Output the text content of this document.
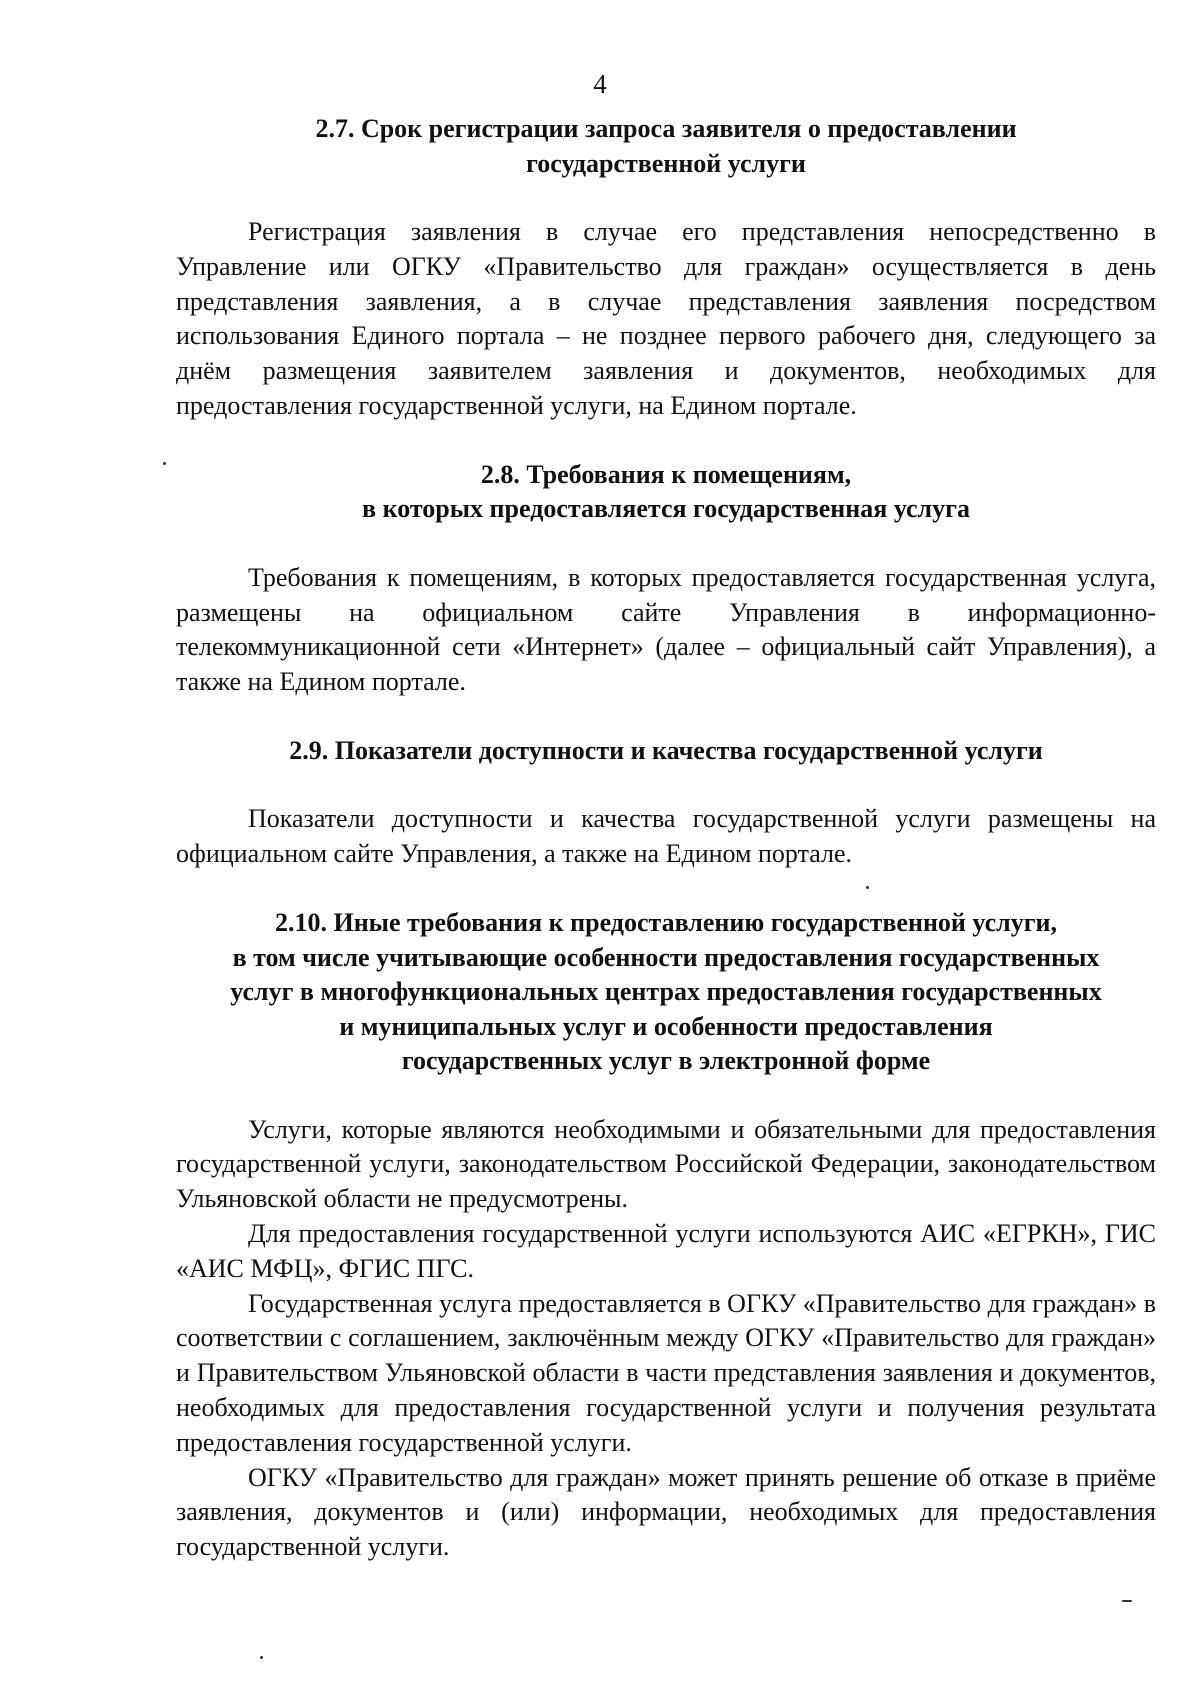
4
2.7. Срок регистрации запроса заявителя о предоставлении
государственной услуги

Регистрация заявления в случае его представления непосредственно в Управление или ОГКУ «Правительство для граждан» осуществляется в день представления заявления, а в случае представления заявления посредством использования Единого портала – не позднее первого рабочего дня, следующего за днём размещения заявителем заявления и документов, необходимых для предоставления государственной услуги, на Едином портале.

2.8. Требования к помещениям,
в которых предоставляется государственная услуга

Требования к помещениям, в которых предоставляется государственная услуга, размещены на официальном сайте Управления в информационно-телекоммуникационной сети «Интернет» (далее – официальный сайт Управления), а также на Едином портале.

2.9. Показатели доступности и качества государственной услуги

Показатели доступности и качества государственной услуги размещены на официальном сайте Управления, а также на Едином портале.

2.10. Иные требования к предоставлению государственной услуги,
в том числе учитывающие особенности предоставления государственных
услуг в многофункциональных центрах предоставления государственных
и муниципальных услуг и особенности предоставления
государственных услуг в электронной форме

Услуги, которые являются необходимыми и обязательными для предоставления государственной услуги, законодательством Российской Федерации, законодательством Ульяновской области не предусмотрены.

Для предоставления государственной услуги используются АИС «ЕГРКН», ГИС «АИС МФЦ», ФГИС ПГС.

Государственная услуга предоставляется в ОГКУ «Правительство для граждан» в соответствии с соглашением, заключённым между ОГКУ «Правительство для граждан» и Правительством Ульяновской области в части представления заявления и документов, необходимых для предоставления государственной услуги и получения результата предоставления государственной услуги.

ОГКУ «Правительство для граждан» может принять решение об отказе в приёме заявления, документов и (или) информации, необходимых для предоставления государственной услуги.
